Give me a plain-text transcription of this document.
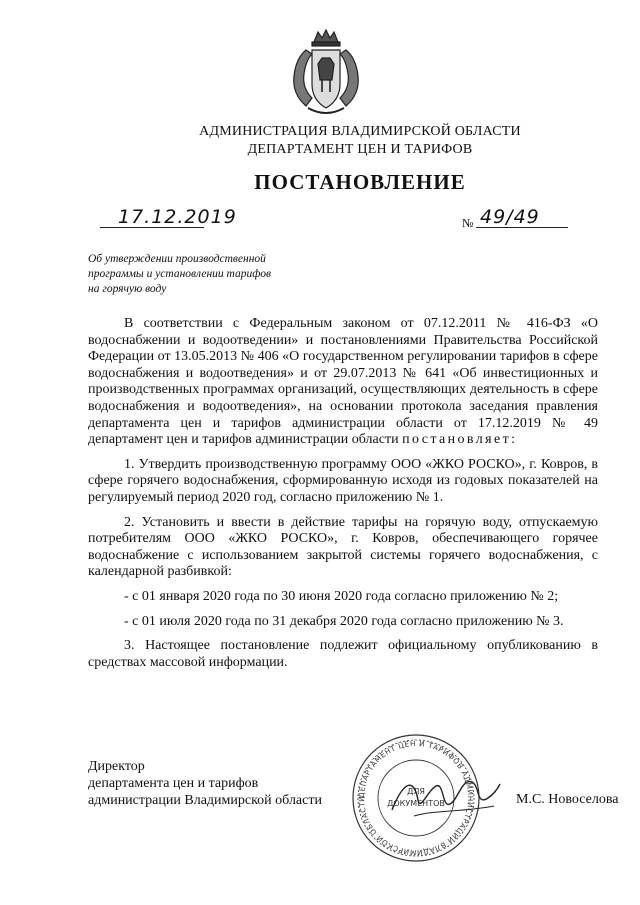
АДМИНИСТРАЦИЯ ВЛАДИМИРСКОЙ ОБЛАСТИ
ДЕПАРТАМЕНТ ЦЕН И ТАРИФОВ
ПОСТАНОВЛЕНИЕ
17.12.2019	№ 49/49
Об утверждении производственной
программы и установлении тарифов
на горячую воду

В соответствии с Федеральным законом от 07.12.2011 № 416-ФЗ «О водоснабжении и водоотведении» и постановлениями Правительства Российской Федерации от 13.05.2013 № 406 «О государственном регулировании тарифов в сфере водоснабжения и водоотведения» и от 29.07.2013 № 641 «Об инвестиционных и производственных программах организаций, осуществляющих деятельность в сфере водоснабжения и водоотведения», на основании протокола заседания правления департамента цен и тарифов администрации области от 17.12.2019 № 49 департамент цен и тарифов администрации области постановляет:

1. Утвердить производственную программу ООО «ЖКО РОСКО», г. Ковров, в сфере горячего водоснабжения, сформированную исходя из годовых показателей на регулируемый период 2020 год, согласно приложению № 1.

2. Установить и ввести в действие тарифы на горячую воду, отпускаемую потребителям ООО «ЖКО РОСКО», г. Ковров, обеспечивающего горячее водоснабжение с использованием закрытой системы горячего водоснабжения, с календарной разбивкой:

- с 01 января 2020 года по 30 июня 2020 года согласно приложению № 2;

- с 01 июля 2020 года по 31 декабря 2020 года согласно приложению № 3.

3. Настоящее постановление подлежит официальному опубликованию в средствах массовой информации.

Директор
департамента цен и тарифов
администрации Владимирской области	ДЕПАРТАМЕНТ ЦЕН И ТАРИФОВ АДМИНИСТРАЦИИ ВЛАДИМИРСКОЙ ОБЛАСТИ
ДЛЯ
ДОКУМЕНТОВ	М.С. Новоселова
